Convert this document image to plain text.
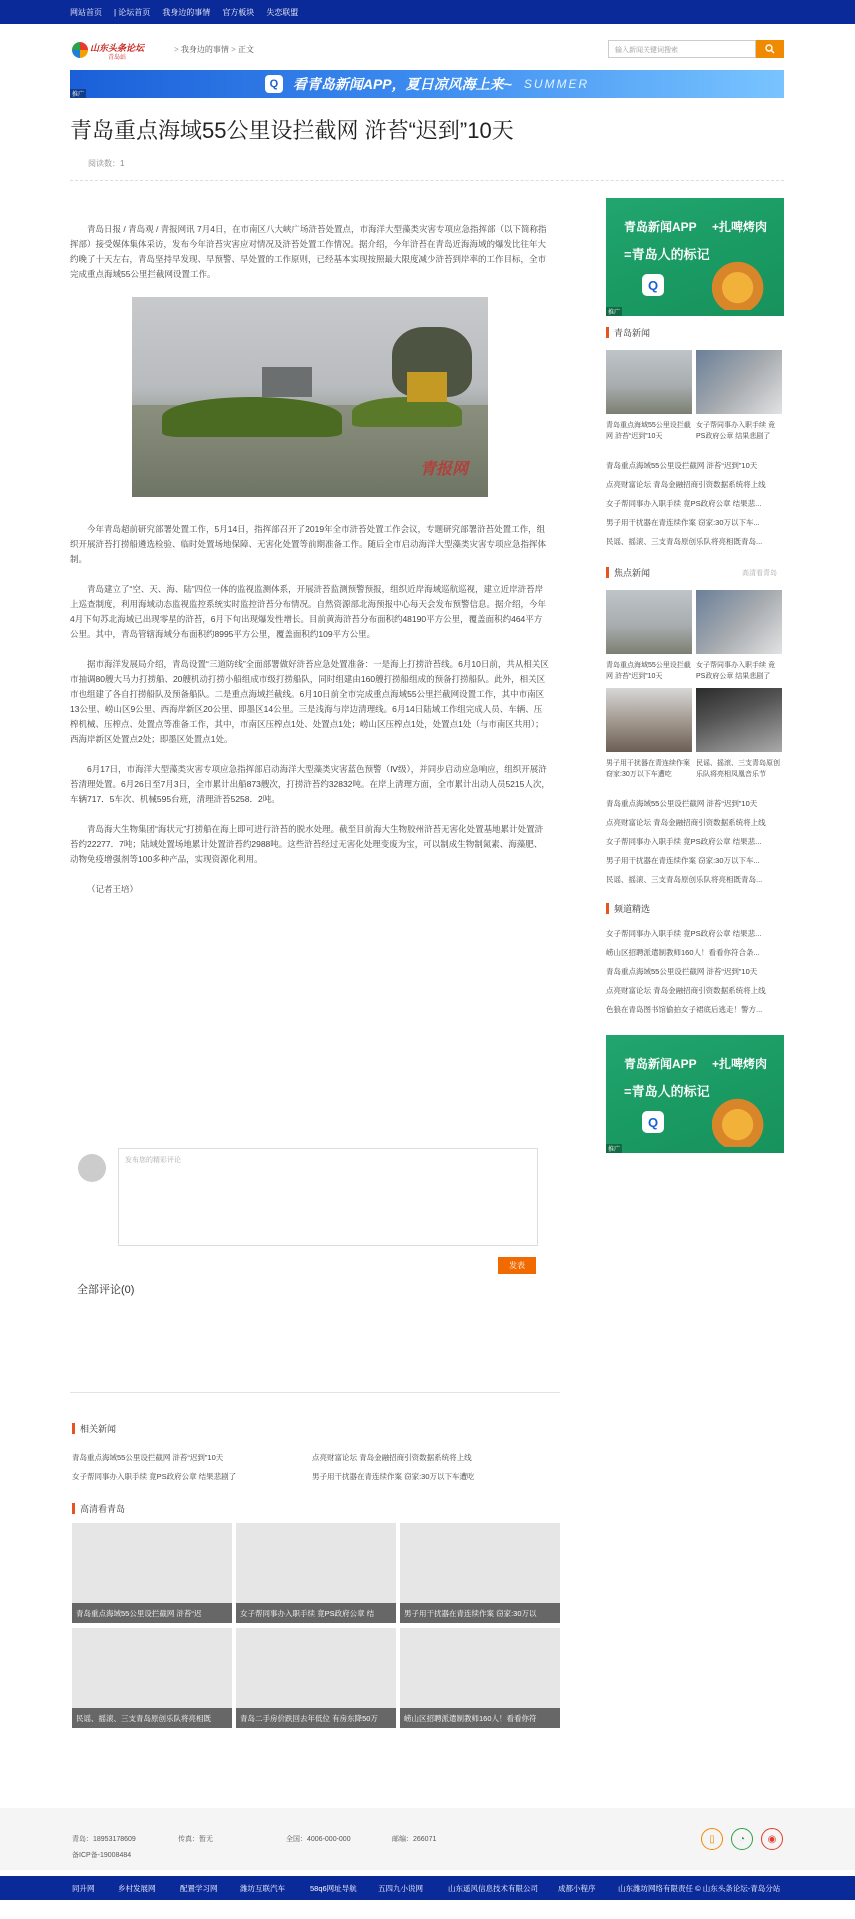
网站首页 | 论坛首页 我身边的事情 官方板块 失恋联盟
山东头条论坛
青岛站
> 我身边的事情 > 正文	输入新闻关键词搜索
Q	看青岛新闻APP，夏日凉风海上来~ SUMMER
推广
青岛重点海域55公里设拦截网 浒苔“迟到”10天
阅读数：1

青岛日报 / 青岛观 / 青报网讯 7月4日，在市南区八大峡广场浒苔处置点，市海洋大型藻类灾害专项应急指挥部（以下简称指挥部）接受媒体集体采访，发布今年浒苔灾害应对情况及浒苔处置工作情况。据介绍，今年浒苔在青岛近海海域的爆发比往年大约晚了十天左右，青岛坚持早发现、早预警、早处置的工作原则，已经基本实现按照最大限度减少浒苔到岸率的工作目标，全市完成重点海域55公里拦截网设置工作。

青报网

今年青岛超前研究部署处置工作，5月14日，指挥部召开了2019年全市浒苔处置工作会议，专题研究部署浒苔处置工作，组织开展浒苔打捞船遴选检验、临时处置场地保障、无害化处置等前期准备工作。随后全市启动海洋大型藻类灾害专项应急指挥体制。

青岛建立了“空、天、海、陆”四位一体的监视监测体系，开展浒苔监测预警预报，组织近岸海域巡航巡视，建立近岸浒苔岸上巡查制度，利用海域动态监视监控系统实时监控浒苔分布情况。自然资源部北海预报中心每天会发布预警信息。据介绍，今年4月下旬苏北海域已出现零星的浒苔，6月下旬出现爆发性增长。目前黄海浒苔分布面积约48190平方公里，覆盖面积约464平方公里。其中，青岛管辖海域分布面积约8995平方公里，覆盖面积约109平方公里。

据市海洋发展局介绍，青岛设置“三道防线”全面部署做好浒苔应急处置准备：一是海上打捞浒苔线。6月10日前，共从相关区市抽调80艘大马力打捞船、20艘机动打捞小船组成市级打捞船队，同时组建由160艘打捞船组成的预备打捞船队。此外，相关区市也组建了各自打捞船队及预备船队。二是重点海域拦截线。6月10日前全市完成重点海域55公里拦截网设置工作，其中市南区13公里、崂山区9公里、西海岸新区20公里、即墨区14公里。三是浅海与岸边清理线。6月14日陆域工作组完成人员、车辆、压榨机械、压榨点、处置点等准备工作，其中，市南区压榨点1处、处置点1处；崂山区压榨点1处，处置点1处（与市南区共用）；西海岸新区处置点2处；即墨区处置点1处。

6月17日，市海洋大型藻类灾害专项应急指挥部启动海洋大型藻类灾害蓝色预警（Ⅳ级），并同步启动应急响应，组织开展浒苔清理处置。6月26日至7月3日，全市累计出船873艘次，打捞浒苔约32832吨。在岸上清理方面，全市累计出动人员5215人次，车辆717．5车次、机械595台班，清理浒苔5258．2吨。

青岛海大生物集团“海状元”打捞船在海上即可进行浒苔的脱水处理。截至目前海大生物胶州浒苔无害化处置基地累计处置浒苔约22277．7吨；陆域处置场地累计处置浒苔约2988吨。这些浒苔经过无害化处理变废为宝，可以制成生物制氮素、海藻肥、动物免疫增强剂等100多种产品，实现资源化利用。

（记者王培）

发布您的精彩评论
发表
全部评论(0)
相关新闻
青岛重点海域55公里设拦截网 浒苔“迟到”10天	点亮财富论坛 青岛金融招商引资数据系统将上线
女子帮同事办入职手续 竟PS政府公章 结果悲剧了	男子用干扰器在青连续作案 窃家:30万以下车遭吃
高清看青岛
青岛重点海域55公里设拦截网 浒苔“迟	女子帮同事办入职手续 竟PS政府公章 结	男子用干扰器在青连续作案 窃家:30万以
民谣、摇滚、三支青岛原创乐队将亮相既	青岛二手房价跌回去年低位 有房东降50万	崂山区招聘派遣制教师160人！看看你符
青岛新闻APP +扎啤烤肉
=青岛人的标记
Q
推广
青岛新闻
青岛重点海域55公里设拦截网 浒苔“迟到”10天
女子帮同事办入职手续 竟PS政府公章 结果悲剧了
青岛重点海域55公里设拦截网 浒苔“迟到”10天
点亮财富论坛 青岛金融招商引资数据系统将上线
女子帮同事办入职手续 竟PS政府公章 结果悲...
男子用干扰器在青连续作案 窃家:30万以下车...
民谣、摇滚、三支青岛原创乐队将亮相既青岛...
焦点新闻	高清看青岛
青岛重点海域55公里设拦截网 浒苔“迟到”10天
女子帮同事办入职手续 竟PS政府公章 结果悲剧了
男子用干扰器在青连续作案 窃家:30万以下车遭吃
民谣、摇滚、三支青岛原创乐队将亮相凤凰音乐节
青岛重点海域55公里设拦截网 浒苔“迟到”10天
点亮财富论坛 青岛金融招商引资数据系统将上线
女子帮同事办入职手续 竟PS政府公章 结果悲...
男子用干扰器在青连续作案 窃家:30万以下车...
民谣、摇滚、三支青岛原创乐队将亮相既青岛...
频道精选
女子帮同事办入职手续 竟PS政府公章 结果悲...
崂山区招聘派遣制教师160人！看看你符合条...
青岛重点海域55公里设拦截网 浒苔“迟到”10天
点亮财富论坛 青岛金融招商引资数据系统将上线
色狼在青岛图书馆偷拍女子裙底后逃走！警方...
青岛新闻APP +扎啤烤肉
=青岛人的标记
Q
推广
青岛：18953178609	传真：暂无	全国：4006-000-000	邮编：266071
备ICP备-19008484
▯	◔	◉
同升网	乡村发展网	配置学习网	潍坊互联汽车	58q6网址导航	五四九小说网	山东遥风信息技术有限公司	成都小程序	山东潍坊网络有限责任 © 山东头条论坛-青岛分站
